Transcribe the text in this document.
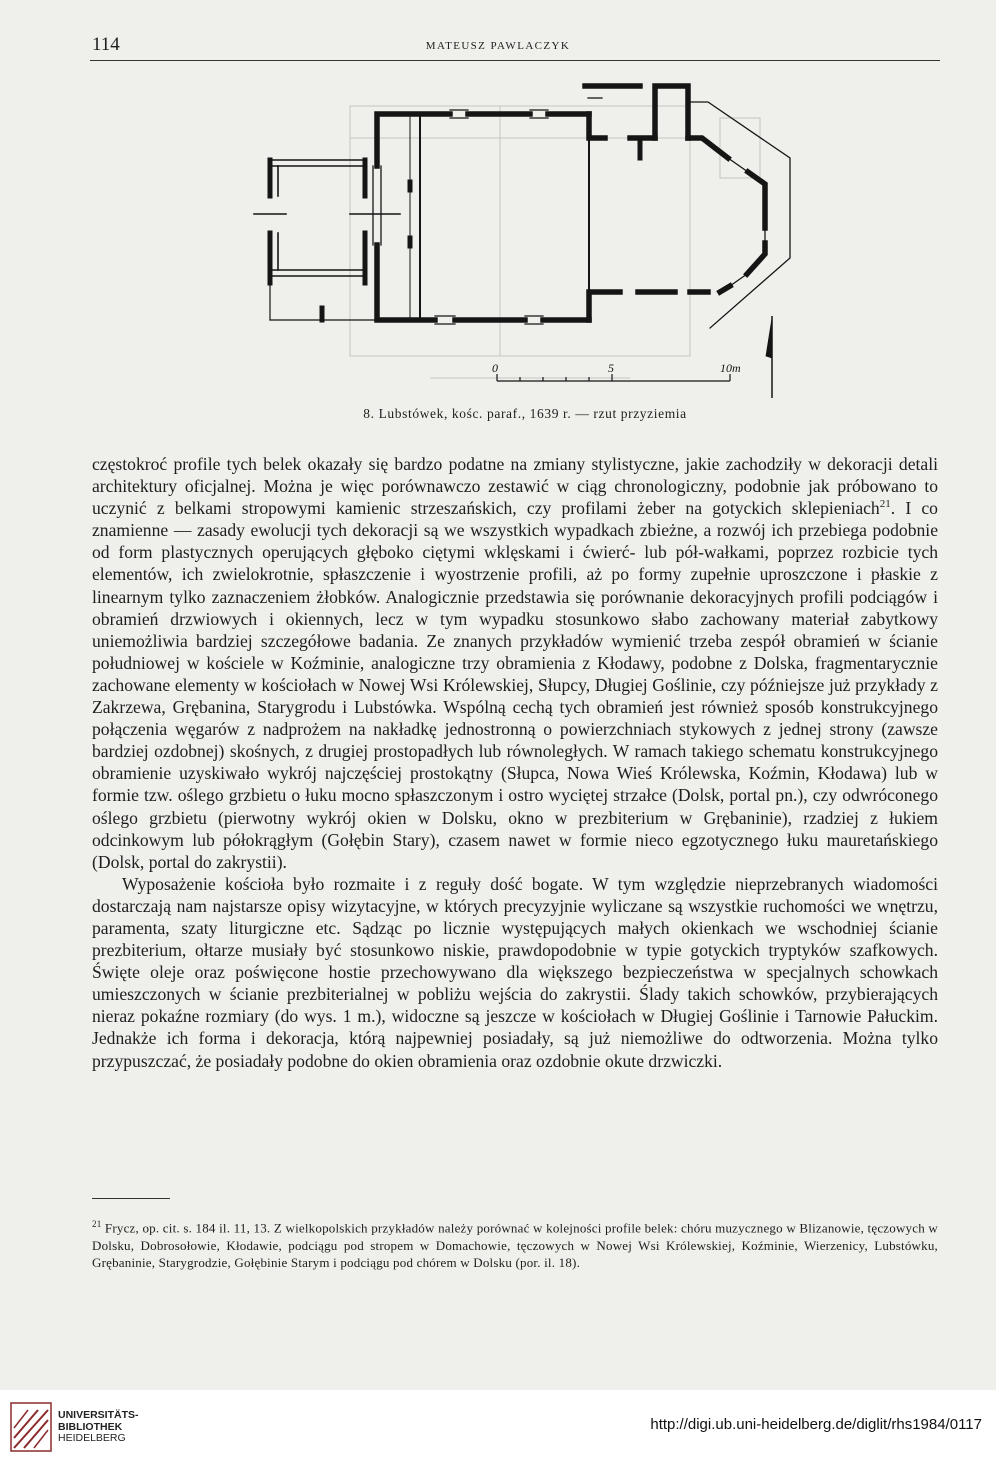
114	MATEUSZ PAWLACZYK
0	5	10m
8. Lubstówek, kośc. paraf., 1639 r. — rzut przyziemia

częstokroć profile tych belek okazały się bardzo podatne na zmiany stylistyczne, jakie zachodziły w dekoracji detali architektury oficjalnej. Można je więc porównawczo zestawić w ciąg chronologiczny, podobnie jak próbowano to uczynić z belkami stropowymi kamienic strzeszańskich, czy profilami żeber na gotyckich sklepieniach$^{21}$. I co znamienne — zasady ewolucji tych dekoracji są we wszystkich wypadkach zbieżne, a rozwój ich przebiega podobnie od form plastycznych operujących głęboko ciętymi wklęskami i ćwierć- lub pół-wałkami, poprzez rozbicie tych elementów, ich zwielokrotnie, spłaszczenie i wyostrzenie profili, aż po formy zupełnie uproszczone i płaskie z linearnym tylko zaznaczeniem żłobków. Analogicznie przedstawia się porównanie dekoracyjnych profili podciągów i obramień drzwiowych i okiennych, lecz w tym wypadku stosunkowo słabo zachowany materiał zabytkowy uniemożliwia bardziej szczegółowe badania. Ze znanych przykładów wymienić trzeba zespół obramień w ścianie południowej w kościele w Koźminie, analogiczne trzy obramienia z Kłodawy, podobne z Dolska, fragmentarycznie zachowane elementy w kościołach w Nowej Wsi Królewskiej, Słupcy, Długiej Goślinie, czy późniejsze już przykłady z Zakrzewa, Grębanina, Starygrodu i Lubstówka. Wspólną cechą tych obramień jest również sposób konstrukcyjnego połączenia węgarów z nadprożem na nakładkę jednostronną o powierzchniach stykowych z jednej strony (zawsze bardziej ozdobnej) skośnych, z drugiej prostopadłych lub równoległych. W ramach takiego schematu konstrukcyjnego obramienie uzyskiwało wykrój najczęściej prostokątny (Słupca, Nowa Wieś Królewska, Koźmin, Kłodawa) lub w formie tzw. oślego grzbietu o łuku mocno spłaszczonym i ostro wyciętej strzałce (Dolsk, portal pn.), czy odwróconego oślego grzbietu (pierwotny wykrój okien w Dolsku, okno w prezbiterium w Grębaninie), rzadziej z łukiem odcinkowym lub półokrągłym (Gołębin Stary), czasem nawet w formie nieco egzotycznego łuku mauretańskiego (Dolsk, portal do zakrystii).

Wyposażenie kościoła było rozmaite i z reguły dość bogate. W tym względzie nieprzebranych wiadomości dostarczają nam najstarsze opisy wizytacyjne, w których precyzyjnie wyliczane są wszystkie ruchomości we wnętrzu, paramenta, szaty liturgiczne etc. Sądząc po licznie występujących małych okienkach we wschodniej ścianie prezbiterium, ołtarze musiały być stosunkowo niskie, prawdopodobnie w typie gotyckich tryptyków szafkowych. Święte oleje oraz poświęcone hostie przechowywano dla większego bezpieczeństwa w specjalnych schowkach umieszczonych w ścianie prezbiterialnej w pobliżu wejścia do zakrystii. Ślady takich schowków, przybierających nieraz pokaźne rozmiary (do wys. 1 m.), widoczne są jeszcze w kościołach w Długiej Goślinie i Tarnowie Pałuckim. Jednakże ich forma i dekoracja, którą najpewniej posiadały, są już niemożliwe do odtworzenia. Można tylko przypuszczać, że posiadały podobne do okien obramienia oraz ozdobnie okute drzwiczki.

$^{21}$ Frycz, op. cit. s. 184 il. 11, 13. Z wielkopolskich przykładów należy porównać w kolejności profile belek: chóru muzycznego w Blizanowie, tęczowych w Dolsku, Dobrosołowie, Kłodawie, podciągu pod stropem w Domachowie, tęczowych w Nowej Wsi Królewskiej, Koźminie, Wierzenicy, Lubstówku, Grębaninie, Starygrodzie, Gołębinie Starym i podciągu pod chórem w Dolsku (por. il. 18).
UNIVERSITÄTS-
BIBLIOTHEK
HEIDELBERG
http://digi.ub.uni-heidelberg.de/diglit/rhs1984/0117
